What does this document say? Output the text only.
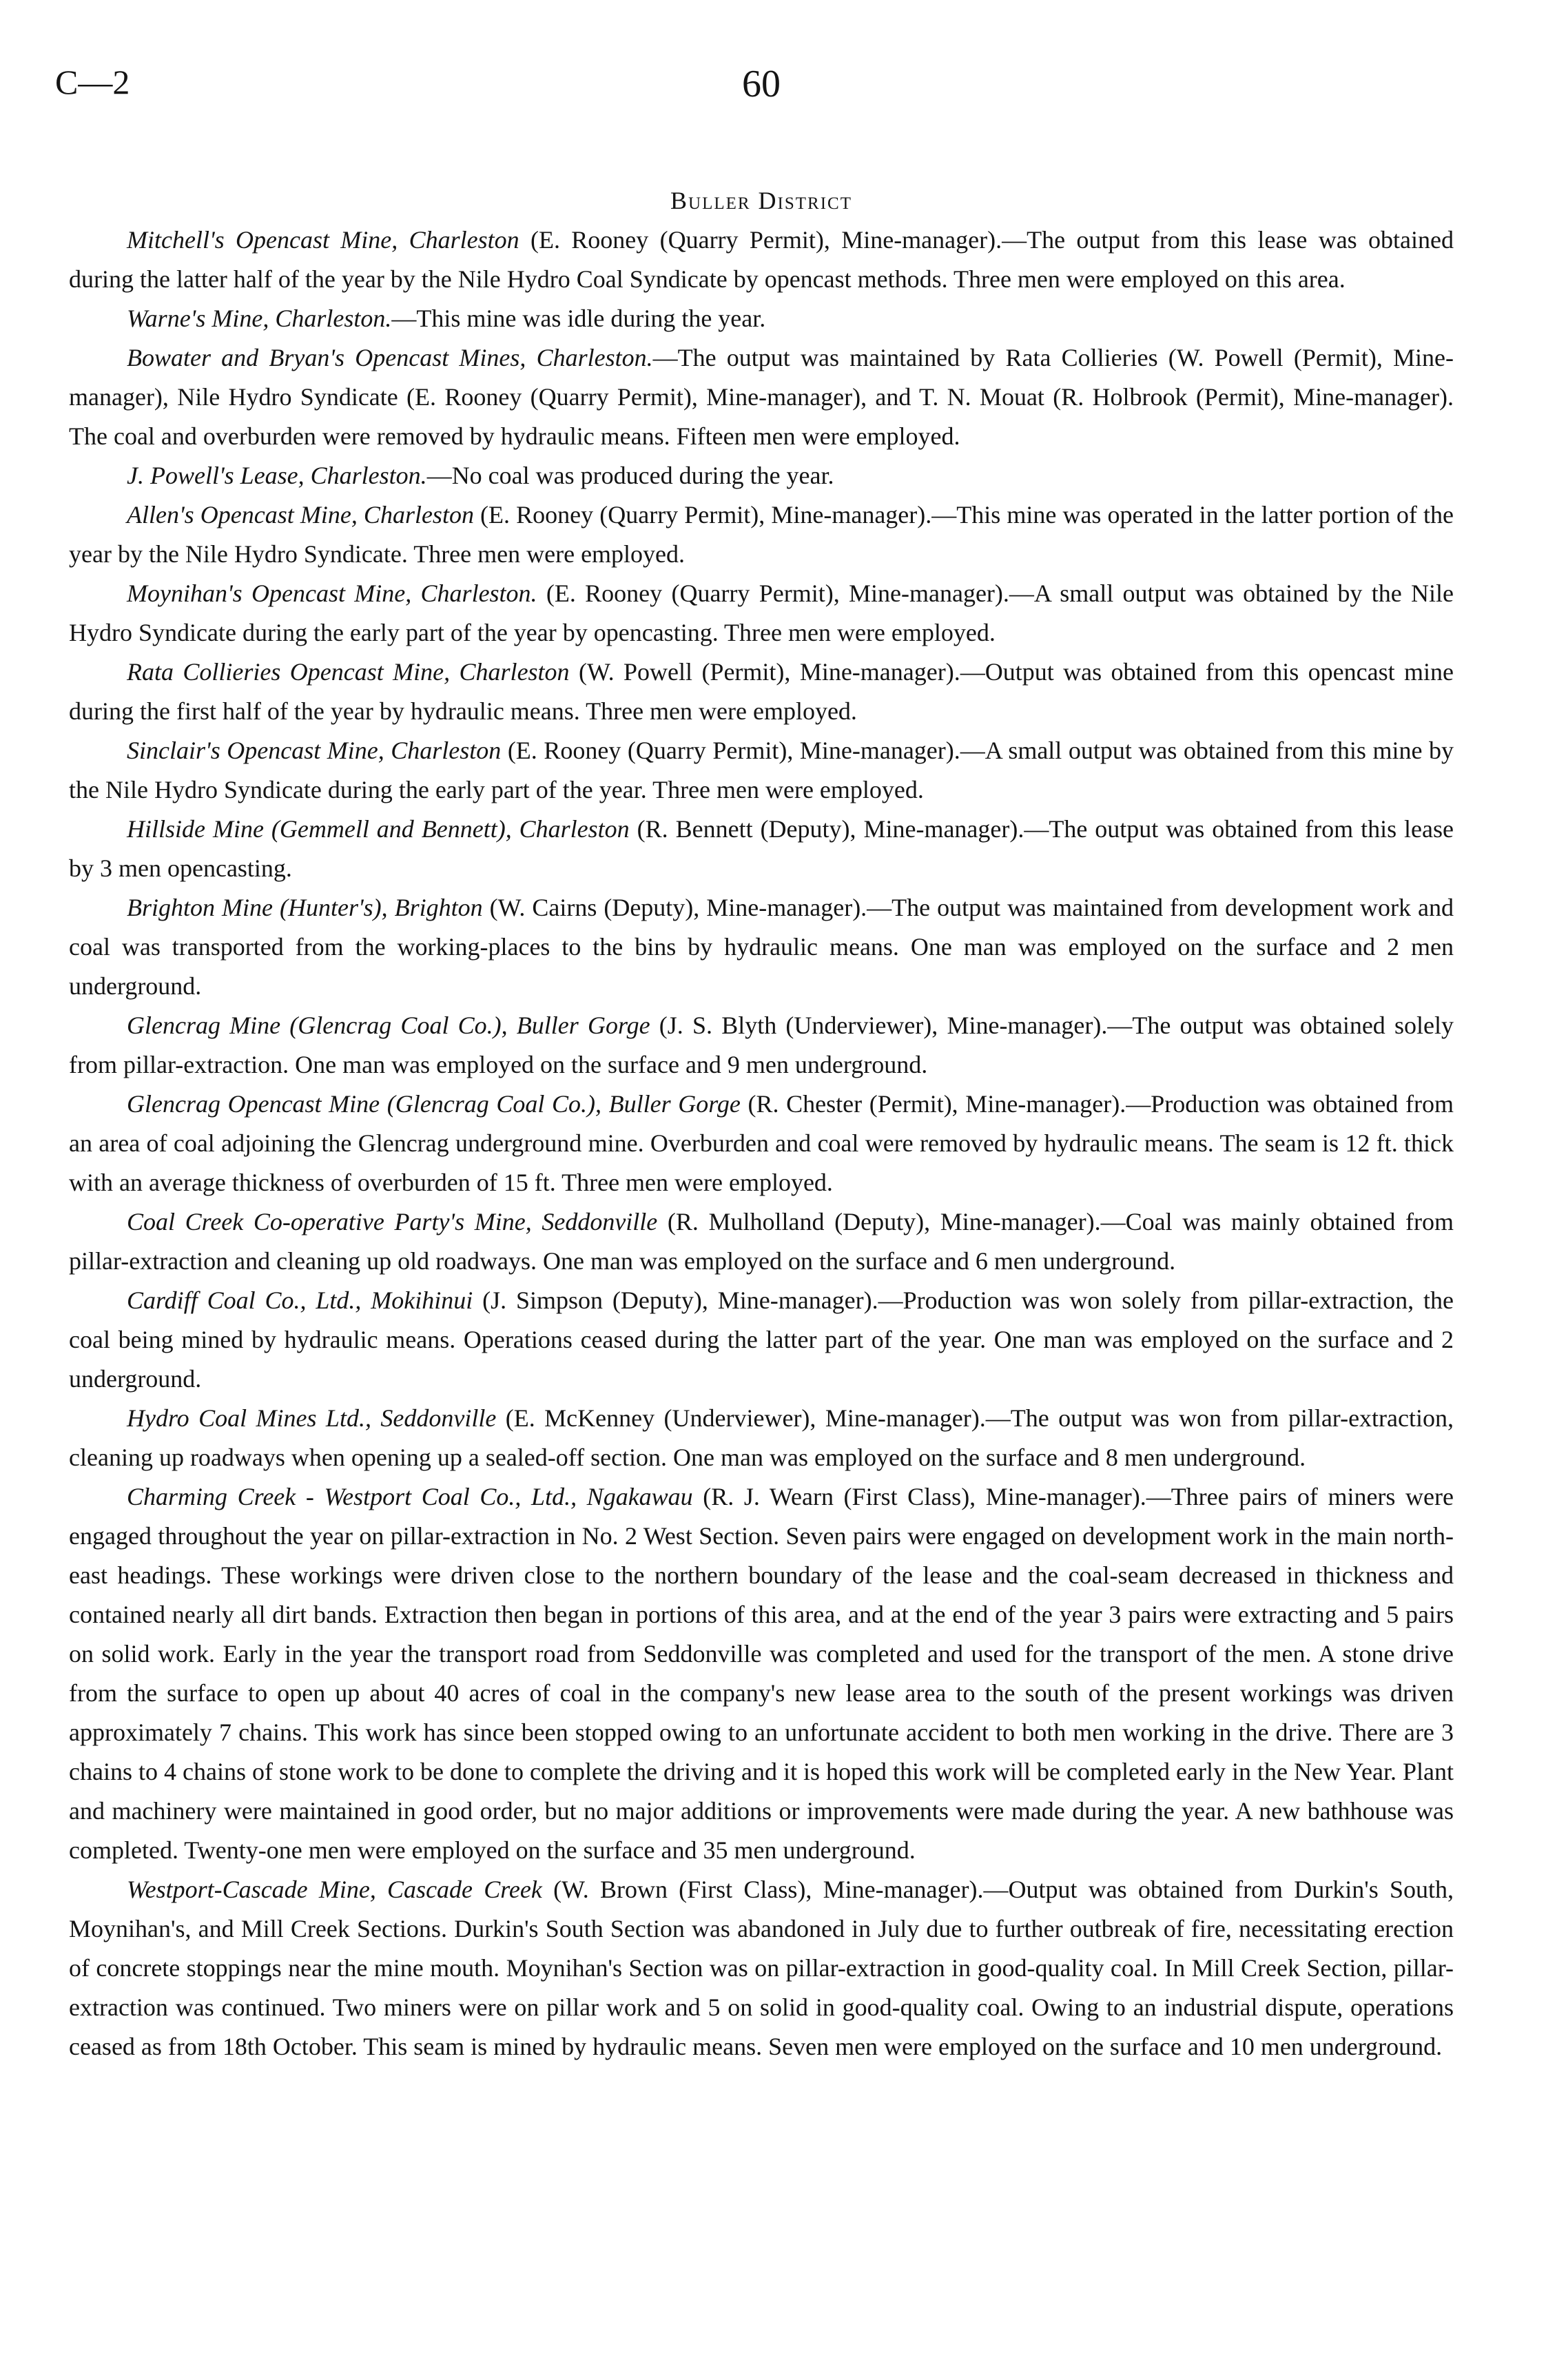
C—2	60
Buller District

Mitchell's Opencast Mine, Charleston (E. Rooney (Quarry Permit), Mine-manager).—The output from this lease was obtained during the latter half of the year by the Nile Hydro Coal Syndicate by opencast methods. Three men were employed on this area.

Warne's Mine, Charleston.—This mine was idle during the year.

Bowater and Bryan's Opencast Mines, Charleston.—The output was maintained by Rata Collieries (W. Powell (Permit), Mine-manager), Nile Hydro Syndicate (E. Rooney (Quarry Permit), Mine-manager), and T. N. Mouat (R. Holbrook (Permit), Mine-manager). The coal and overburden were removed by hydraulic means. Fifteen men were employed.

J. Powell's Lease, Charleston.—No coal was produced during the year.

Allen's Opencast Mine, Charleston (E. Rooney (Quarry Permit), Mine-manager).—This mine was operated in the latter portion of the year by the Nile Hydro Syndicate. Three men were employed.

Moynihan's Opencast Mine, Charleston. (E. Rooney (Quarry Permit), Mine-manager).—A small output was obtained by the Nile Hydro Syndicate during the early part of the year by opencasting. Three men were employed.

Rata Collieries Opencast Mine, Charleston (W. Powell (Permit), Mine-manager).—Output was obtained from this opencast mine during the first half of the year by hydraulic means. Three men were employed.

Sinclair's Opencast Mine, Charleston (E. Rooney (Quarry Permit), Mine-manager).—A small output was obtained from this mine by the Nile Hydro Syndicate during the early part of the year. Three men were employed.

Hillside Mine (Gemmell and Bennett), Charleston (R. Bennett (Deputy), Mine-manager).—The output was obtained from this lease by 3 men opencasting.

Brighton Mine (Hunter's), Brighton (W. Cairns (Deputy), Mine-manager).—The output was maintained from development work and coal was transported from the working-places to the bins by hydraulic means. One man was employed on the surface and 2 men underground.

Glencrag Mine (Glencrag Coal Co.), Buller Gorge (J. S. Blyth (Underviewer), Mine-manager).—The output was obtained solely from pillar-extraction. One man was employed on the surface and 9 men underground.

Glencrag Opencast Mine (Glencrag Coal Co.), Buller Gorge (R. Chester (Permit), Mine-manager).—Production was obtained from an area of coal adjoining the Glencrag underground mine. Overburden and coal were removed by hydraulic means. The seam is 12 ft. thick with an average thickness of overburden of 15 ft. Three men were employed.

Coal Creek Co-operative Party's Mine, Seddonville (R. Mulholland (Deputy), Mine-manager).—Coal was mainly obtained from pillar-extraction and cleaning up old roadways. One man was employed on the surface and 6 men underground.

Cardiff Coal Co., Ltd., Mokihinui (J. Simpson (Deputy), Mine-manager).—Production was won solely from pillar-extraction, the coal being mined by hydraulic means. Operations ceased during the latter part of the year. One man was employed on the surface and 2 underground.

Hydro Coal Mines Ltd., Seddonville (E. McKenney (Underviewer), Mine-manager).—The output was won from pillar-extraction, cleaning up roadways when opening up a sealed-off section. One man was employed on the surface and 8 men underground.

Charming Creek - Westport Coal Co., Ltd., Ngakawau (R. J. Wearn (First Class), Mine-manager).—Three pairs of miners were engaged throughout the year on pillar-extraction in No. 2 West Section. Seven pairs were engaged on development work in the main north-east headings. These workings were driven close to the northern boundary of the lease and the coal-seam decreased in thickness and contained nearly all dirt bands. Extraction then began in portions of this area, and at the end of the year 3 pairs were extracting and 5 pairs on solid work. Early in the year the transport road from Seddonville was completed and used for the transport of the men. A stone drive from the surface to open up about 40 acres of coal in the company's new lease area to the south of the present workings was driven approximately 7 chains. This work has since been stopped owing to an unfortunate accident to both men working in the drive. There are 3 chains to 4 chains of stone work to be done to complete the driving and it is hoped this work will be completed early in the New Year. Plant and machinery were maintained in good order, but no major additions or improvements were made during the year. A new bathhouse was completed. Twenty-one men were employed on the surface and 35 men underground.

Westport-Cascade Mine, Cascade Creek (W. Brown (First Class), Mine-manager).—Output was obtained from Durkin's South, Moynihan's, and Mill Creek Sections. Durkin's South Section was abandoned in July due to further outbreak of fire, necessitating erection of concrete stoppings near the mine mouth. Moynihan's Section was on pillar-extraction in good-quality coal. In Mill Creek Section, pillar-extraction was continued. Two miners were on pillar work and 5 on solid in good-quality coal. Owing to an industrial dispute, operations ceased as from 18th October. This seam is mined by hydraulic means. Seven men were employed on the surface and 10 men underground.
